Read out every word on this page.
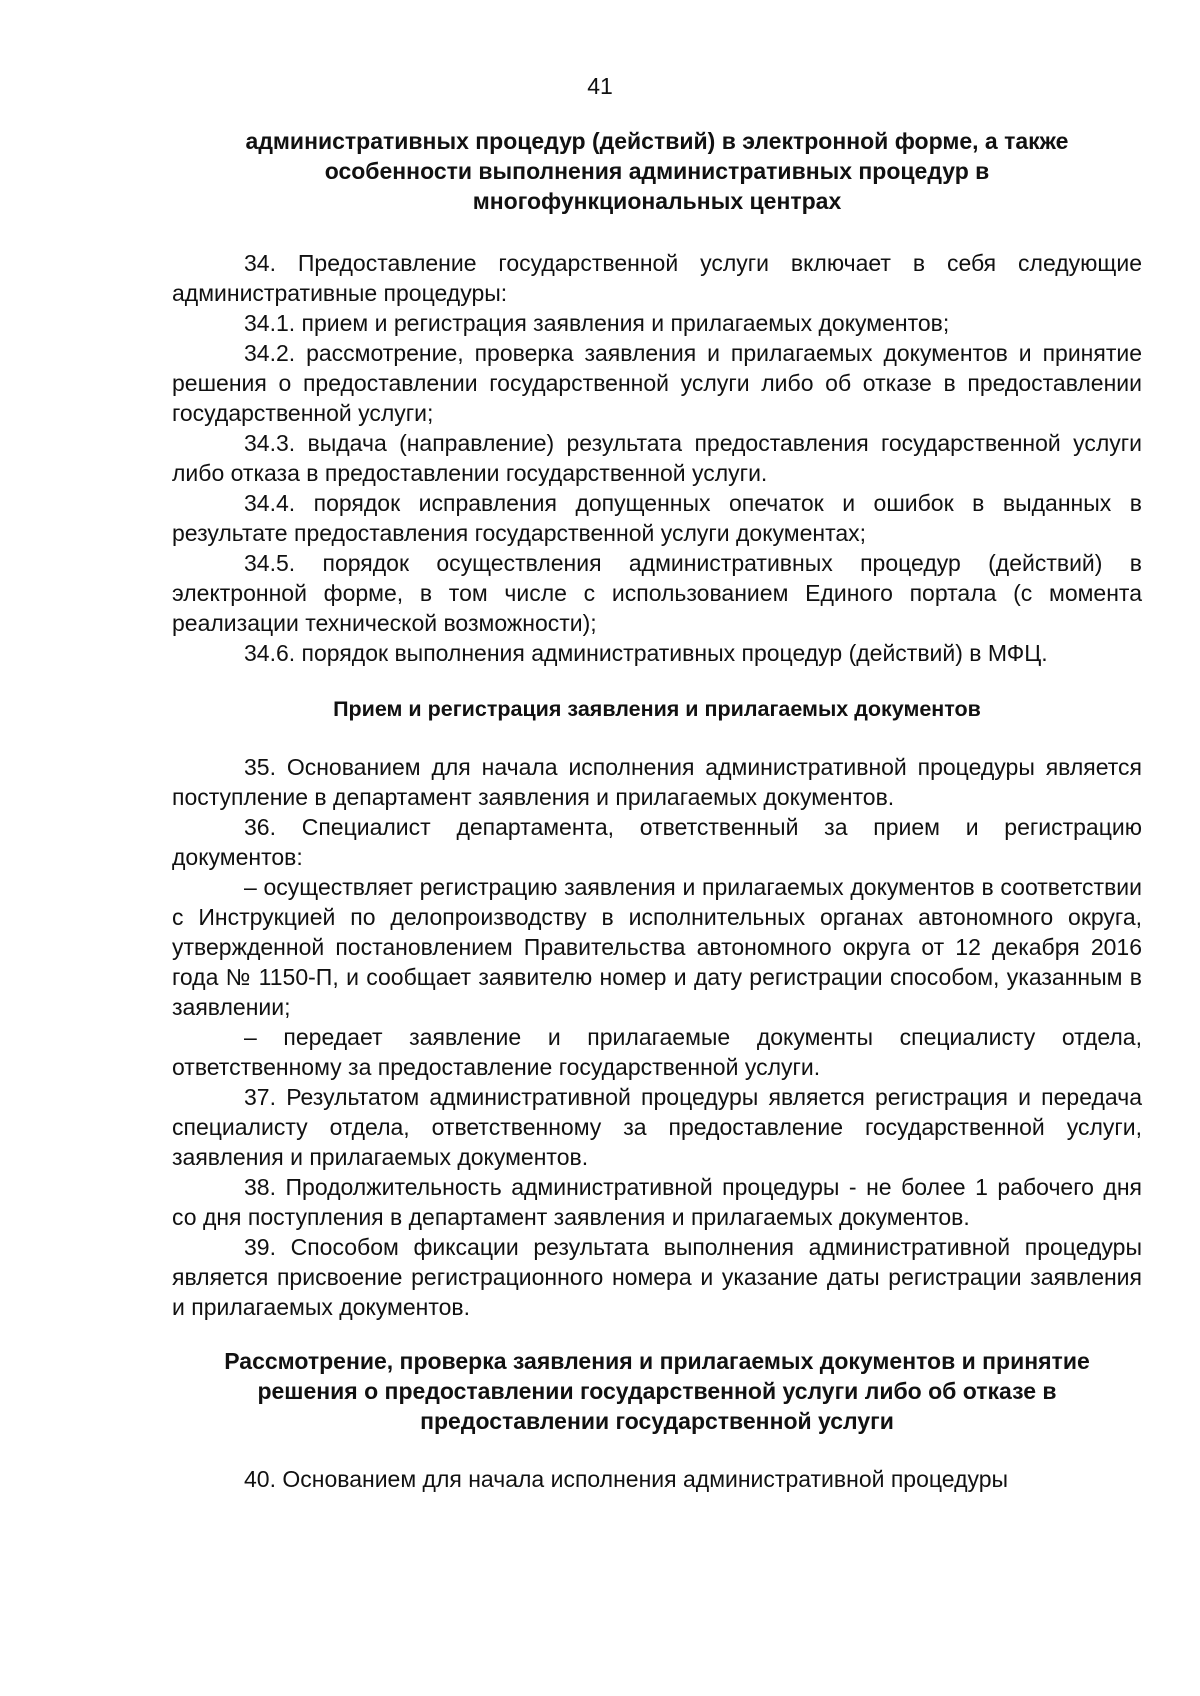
41

административных процедур (действий) в электронной форме, а также особенности выполнения административных процедур в многофункциональных центрах

34. Предоставление государственной услуги включает в себя следующие административные процедуры:

34.1. прием и регистрация заявления и прилагаемых документов;

34.2. рассмотрение, проверка заявления и прилагаемых документов и принятие решения о предоставлении государственной услуги либо об отказе в предоставлении государственной услуги;

34.3. выдача (направление) результата предоставления государственной услуги либо отказа в предоставлении государственной услуги.

34.4. порядок исправления допущенных опечаток и ошибок в выданных в результате предоставления государственной услуги документах;

34.5. порядок осуществления административных процедур (действий) в электронной форме, в том числе с использованием Единого портала (с момента реализации технической возможности);

34.6. порядок выполнения административных процедур (действий) в МФЦ.

Прием и регистрация заявления и прилагаемых документов

35. Основанием для начала исполнения административной процедуры является поступление в департамент заявления и прилагаемых документов.

36. Специалист департамента, ответственный за прием и регистрацию документов:

– осуществляет регистрацию заявления и прилагаемых документов в соответствии с Инструкцией по делопроизводству в исполнительных органах автономного округа, утвержденной постановлением Правительства автономного округа от 12 декабря 2016 года № 1150-П, и сообщает заявителю номер и дату регистрации способом, указанным в заявлении;

– передает заявление и прилагаемые документы специалисту отдела, ответственному за предоставление государственной услуги.

37. Результатом административной процедуры является регистрация и передача специалисту отдела, ответственному за предоставление государственной услуги, заявления и прилагаемых документов.

38. Продолжительность административной процедуры - не более 1 рабочего дня со дня поступления в департамент заявления и прилагаемых документов.

39. Способом фиксации результата выполнения административной процедуры является присвоение регистрационного номера и указание даты регистрации заявления и прилагаемых документов.

Рассмотрение, проверка заявления и прилагаемых документов и принятие решения о предоставлении государственной услуги либо об отказе в предоставлении государственной услуги

40. Основанием для начала исполнения административной процедуры
